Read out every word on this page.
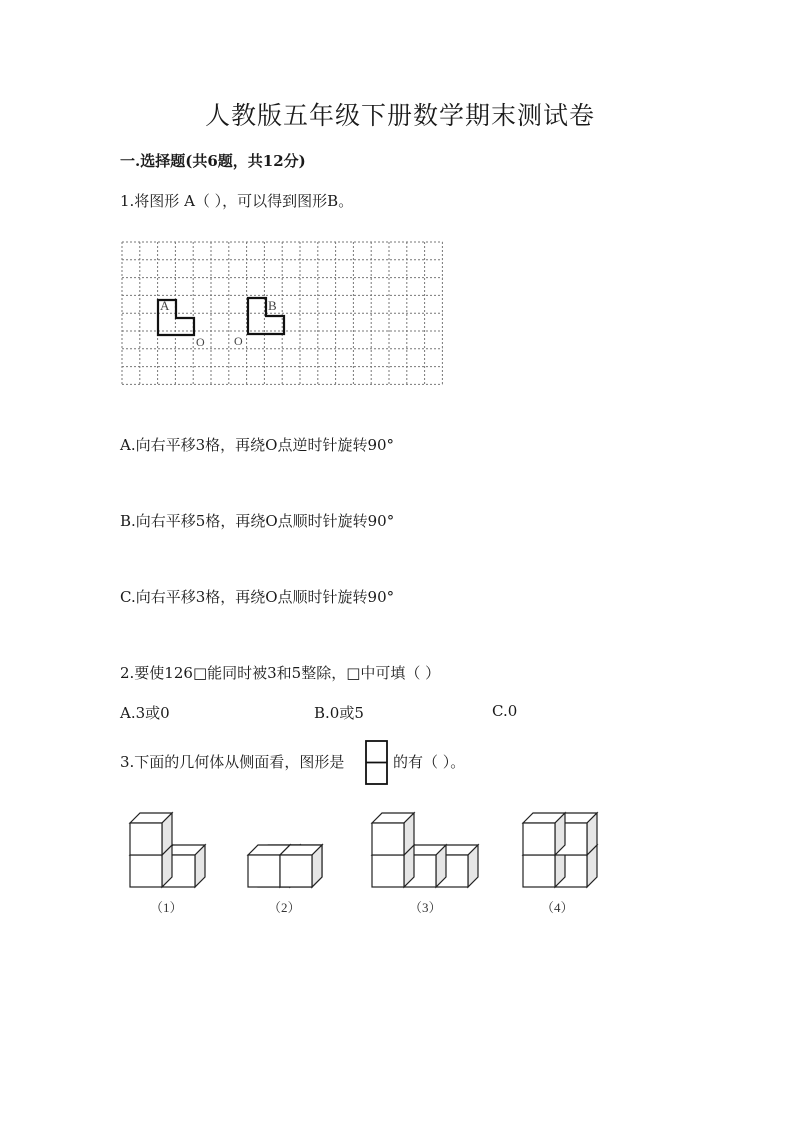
人教版五年级下册数学期末测试卷
一.选择题(共6题，共12分)
1.将图形 A（ ），可以得到图形B。
A
O
B
O
A.向右平移3格，再绕O点逆时针旋转90°
B.向右平移5格，再绕O点顺时针旋转90°
C.向右平移3格，再绕O点顺时针旋转90°
2.要使126□能同时被3和5整除，□中可填（ ）
A.3或0	B.0或5	C.0
3.下面的几何体从侧面看，图形是	的有（ ）。
（1）	（2）	（3）	（4）
